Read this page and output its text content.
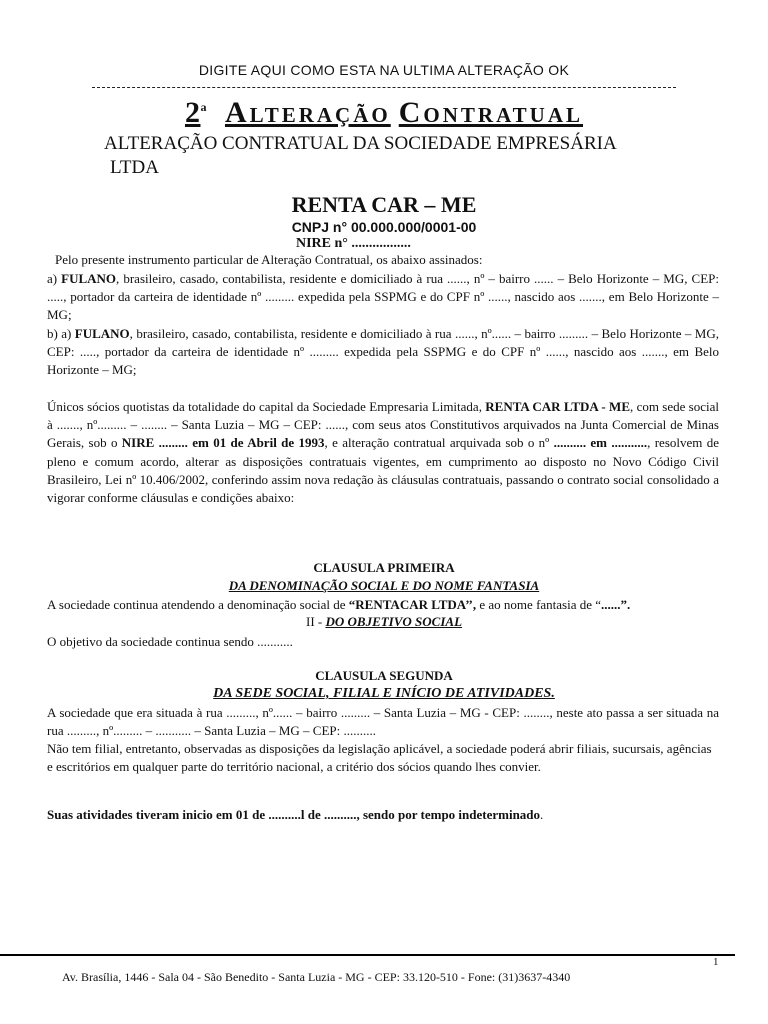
DIGITE AQUI COMO ESTA NA ULTIMA ALTERAÇÃO OK
2$^a$ Alteração Contratual
ALTERAÇÃO CONTRATUAL DA SOCIEDADE EMPRESÁRIA
LTDA
RENTA CAR – ME
CNPJ n° 00.000.000/0001-00
NIRE n° .................
Pelo presente instrumento particular de Alteração Contratual, os abaixo assinados:
a) FULANO, brasileiro, casado, contabilista, residente e domiciliado à rua ......, nº – bairro ...... – Belo Horizonte – MG, CEP: ....., portador da carteira de identidade nº ......... expedida pela SSPMG e do CPF nº ......, nascido aos ......., em Belo Horizonte – MG;
b) a) FULANO, brasileiro, casado, contabilista, residente e domiciliado à rua ......, nº...... – bairro ......... – Belo Horizonte – MG, CEP: ....., portador da carteira de identidade nº ......... expedida pela SSPMG e do CPF nº ......, nascido aos ......., em Belo Horizonte – MG;
Únicos sócios quotistas da totalidade do capital da Sociedade Empresaria Limitada, RENTA CAR LTDA - ME, com sede social à ......., nº......... – ........ – Santa Luzia – MG – CEP: ......, com seus atos Constitutivos arquivados na Junta Comercial de Minas Gerais, sob o NIRE ......... em 01 de Abril de 1993, e alteração contratual arquivada sob o nº .......... em ..........., resolvem de pleno e comum acordo, alterar as disposições contratuais vigentes, em cumprimento ao disposto no Novo Código Civil Brasileiro, Lei nº 10.406/2002, conferindo assim nova redação às cláusulas contratuais, passando o contrato social consolidado a vigorar conforme cláusulas e condições abaixo:
CLAUSULA PRIMEIRA
DA DENOMINAÇÃO SOCIAL E DO NOME FANTASIA
A sociedade continua atendendo a denominação social de “RENTACAR LTDA’’, e ao nome fantasia de “......”.
II - DO OBJETIVO SOCIAL
O objetivo da sociedade continua sendo ...........
CLAUSULA SEGUNDA
DA SEDE SOCIAL, FILIAL E INÍCIO DE ATIVIDADES.
A sociedade que era situada à rua ........., nº...... – bairro ......... – Santa Luzia – MG - CEP: ........, neste ato passa a ser situada na rua ........., nº......... – ........... – Santa Luzia – MG – CEP: ..........
Não tem filial, entretanto, observadas as disposições da legislação aplicável, a sociedade poderá abrir filiais, sucursais, agências e escritórios em qualquer parte do território nacional, a critério dos sócios quando lhes convier.
Suas atividades tiveram inicio em 01 de ..........l de .........., sendo por tempo indeterminado.
1
Av. Brasília, 1446 - Sala 04 - São Benedito - Santa Luzia - MG - CEP: 33.120-510 - Fone: (31)3637-4340
